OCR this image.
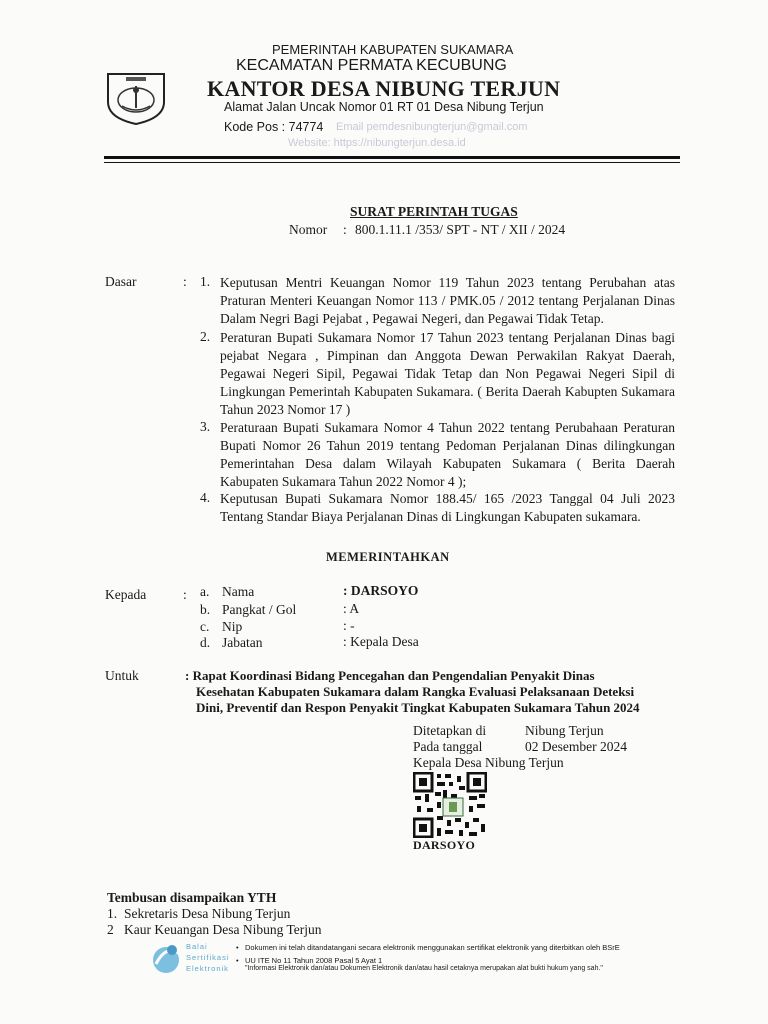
PEMERINTAH KABUPATEN SUKAMARA
KECAMATAN PERMATA KECUBUNG
KANTOR DESA NIBUNG TERJUN
Alamat Jalan Uncak Nomor 01 RT 01 Desa Nibung Terjun
Kode Pos : 74774 Email pemdesnibungterjun@gmail.com
Website: https://nibungterjun.desa.id
SURAT PERINTAH TUGAS
Nomor : 800.1.11.1 /353/ SPT - NT / XII / 2024
Dasar	: 1. Keputusan Mentri Keuangan Nomor 119 Tahun 2023 tentang Perubahan atas Praturan Menteri Keuangan Nomor 113 / PMK.05 / 2012 tentang Perjalanan Dinas Dalam Negri Bagi Pejabat , Pegawai Negeri, dan Pegawai Tidak Tetap.
2. Peraturan Bupati Sukamara Nomor 17 Tahun 2023 tentang Perjalanan Dinas bagi pejabat Negara , Pimpinan dan Anggota Dewan Perwakilan Rakyat Daerah, Pegawai Negeri Sipil, Pegawai Tidak Tetap dan Non Pegawai Negeri Sipil di Lingkungan Pemerintah Kabupaten Sukamara. ( Berita Daerah Kabupten Sukamara Tahun 2023 Nomor 17 )
3. Peraturaan Bupati Sukamara Nomor 4 Tahun 2022 tentang Perubahaan Peraturan Bupati Nomor 26 Tahun 2019 tentang Pedoman Perjalanan Dinas dilingkungan Pemerintahan Desa dalam Wilayah Kabupaten Sukamara ( Berita Daerah Kabupaten Sukamara Tahun 2022 Nomor 4 );
4. Keputusan Bupati Sukamara Nomor 188.45/ 165 /2023 Tanggal 04 Juli 2023 Tentang Standar Biaya Perjalanan Dinas di Lingkungan Kabupaten sukamara.
MEMERINTAHKAN
Kepada	: a. Nama	: DARSOYO
b. Pangkat / Gol	: A
c. Nip	: -
d. Jabatan	: Kepala Desa
Untuk	: Rapat Koordinasi Bidang Pencegahan dan Pengendalian Penyakit Dinas
Kesehatan Kabupaten Sukamara dalam Rangka Evaluasi Pelaksanaan Deteksi
Dini, Preventif dan Respon Penyakit Tingkat Kabupaten Sukamara Tahun 2024
Ditetapkan di	Nibung Terjun
Pada tanggal	02 Desember 2024
Kepala Desa Nibung Terjun
DARSOYO
Tembusan disampaikan YTH
1. Sekretaris Desa Nibung Terjun
2 Kaur Keuangan Desa Nibung Terjun
Balai
Sertifikasi
Elektronik
• Dokumen ini telah ditandatangani secara elektronik menggunakan sertifikat elektronik yang diterbitkan oleh BSrE
• UU ITE No 11 Tahun 2008 Pasal 5 Ayat 1
"Informasi Elektronik dan/atau Dokumen Elektronik dan/atau hasil cetaknya merupakan alat bukti hukum yang sah."
